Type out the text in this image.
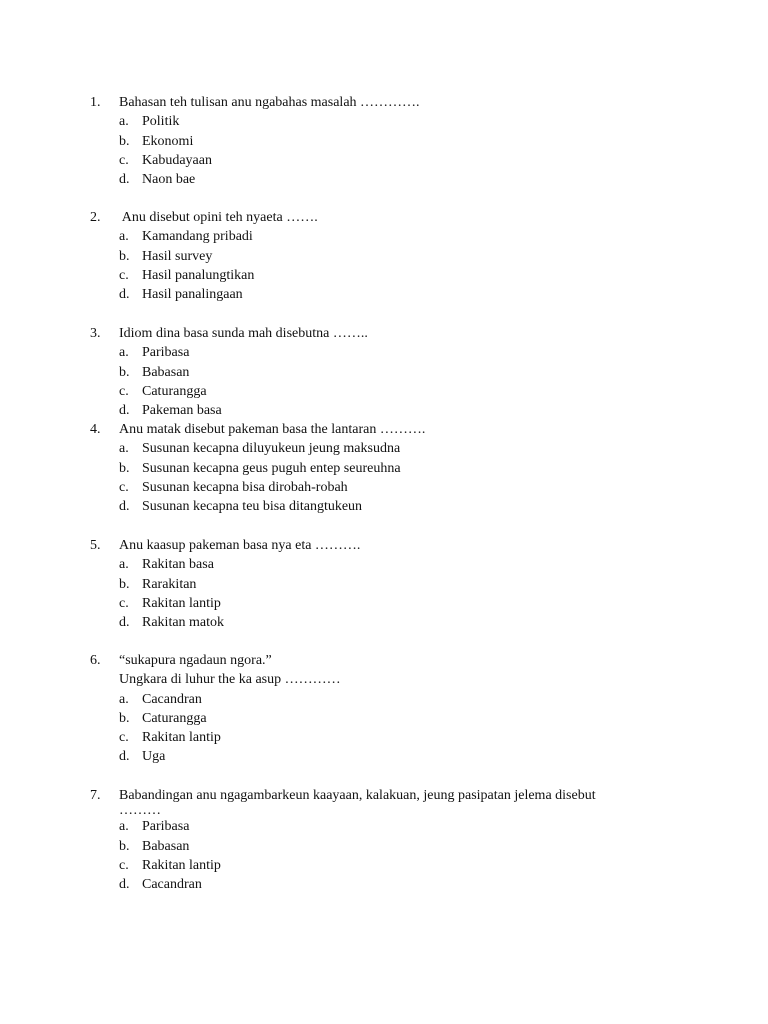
1.	Bahasan teh tulisan anu ngabahas masalah ………….
a. Politik
b. Ekonomi
c. Kabudayaan
d. Naon bae
2.	Anu disebut opini teh nyaeta …….
a. Kamandang pribadi
b. Hasil survey
c. Hasil panalungtikan
d. Hasil panalingaan
3.	Idiom dina basa sunda mah disebutna ……..
a. Paribasa
b. Babasan
c. Caturangga
d. Pakeman basa
4.	Anu matak disebut pakeman basa the lantaran ……….
a. Susunan kecapna diluyukeun jeung maksudna
b. Susunan kecapna geus puguh entep seureuhna
c. Susunan kecapna bisa dirobah-robah
d. Susunan kecapna teu bisa ditangtukeun
5.	Anu kaasup pakeman basa nya eta ……….
a. Rakitan basa
b. Rarakitan
c. Rakitan lantip
d. Rakitan matok
6.	“sukapura ngadaun ngora.”
Ungkara di luhur the ka asup …………
a. Cacandran
b. Caturangga
c. Rakitan lantip
d. Uga
7.	Babandingan anu ngagambarkeun kaayaan, kalakuan, jeung pasipatan jelema disebut
………
a. Paribasa
b. Babasan
c. Rakitan lantip
d. Cacandran
